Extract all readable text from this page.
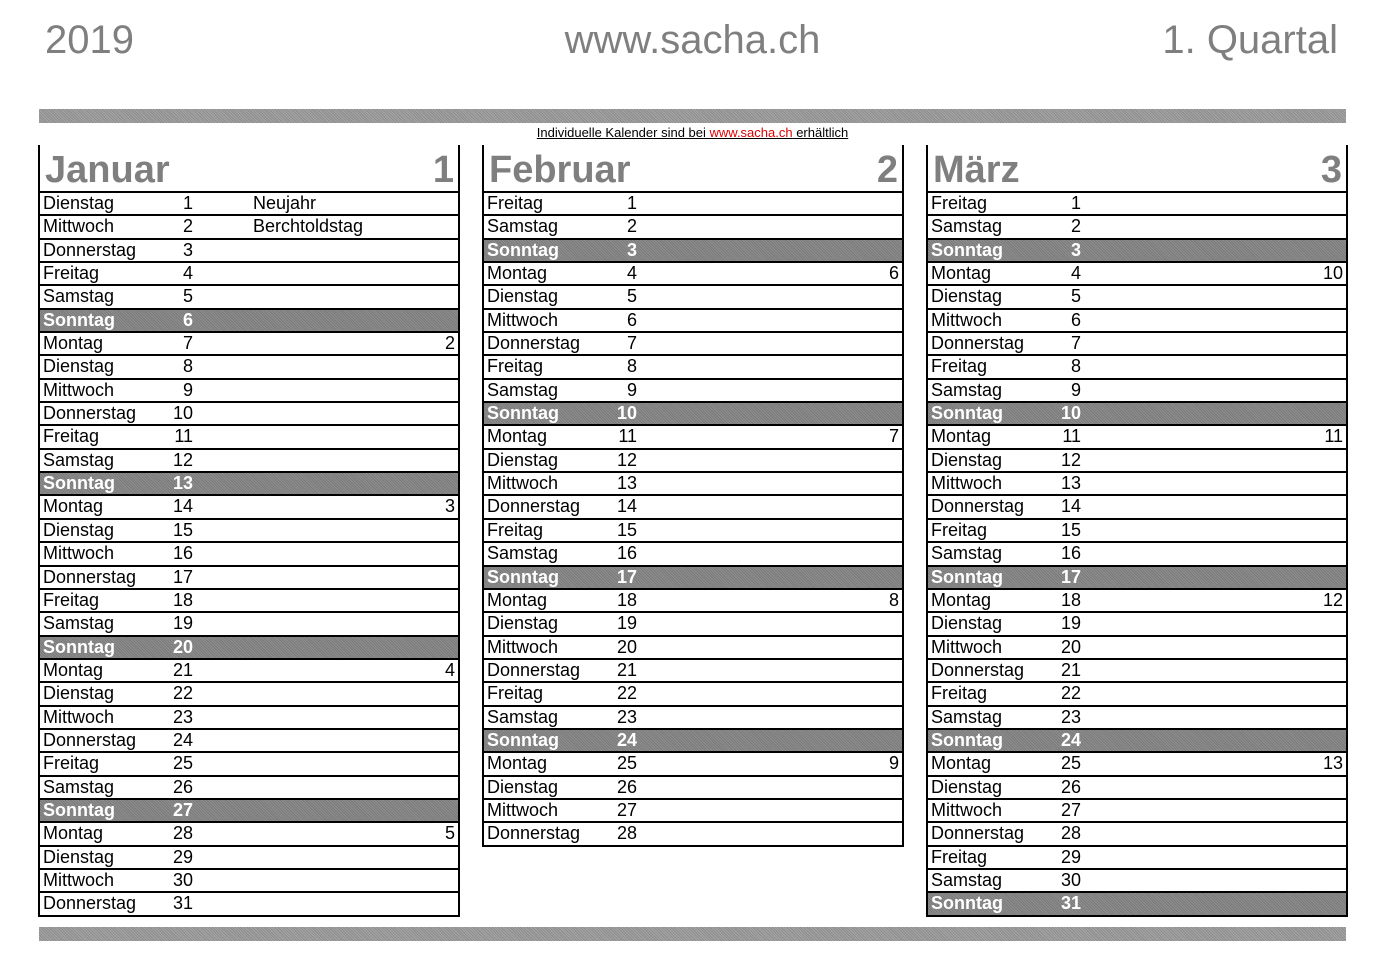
2019	www.sacha.ch	1. Quartal
Individuelle Kalender sind bei www.sacha.ch erhältlich
Januar	1
Dienstag	1	Neujahr
Mittwoch	2	Berchtoldstag
Donnerstag	3
Freitag	4
Samstag	5
Sonntag	6
Montag	7	2
Dienstag	8
Mittwoch	9
Donnerstag	10
Freitag	11
Samstag	12
Sonntag	13
Montag	14	3
Dienstag	15
Mittwoch	16
Donnerstag	17
Freitag	18
Samstag	19
Sonntag	20
Montag	21	4
Dienstag	22
Mittwoch	23
Donnerstag	24
Freitag	25
Samstag	26
Sonntag	27
Montag	28	5
Dienstag	29
Mittwoch	30
Donnerstag	31
Februar	2
Freitag	1
Samstag	2
Sonntag	3
Montag	4	6
Dienstag	5
Mittwoch	6
Donnerstag	7
Freitag	8
Samstag	9
Sonntag	10
Montag	11	7
Dienstag	12
Mittwoch	13
Donnerstag	14
Freitag	15
Samstag	16
Sonntag	17
Montag	18	8
Dienstag	19
Mittwoch	20
Donnerstag	21
Freitag	22
Samstag	23
Sonntag	24
Montag	25	9
Dienstag	26
Mittwoch	27
Donnerstag	28
März	3
Freitag	1
Samstag	2
Sonntag	3
Montag	4	10
Dienstag	5
Mittwoch	6
Donnerstag	7
Freitag	8
Samstag	9
Sonntag	10
Montag	11	11
Dienstag	12
Mittwoch	13
Donnerstag	14
Freitag	15
Samstag	16
Sonntag	17
Montag	18	12
Dienstag	19
Mittwoch	20
Donnerstag	21
Freitag	22
Samstag	23
Sonntag	24
Montag	25	13
Dienstag	26
Mittwoch	27
Donnerstag	28
Freitag	29
Samstag	30
Sonntag	31
